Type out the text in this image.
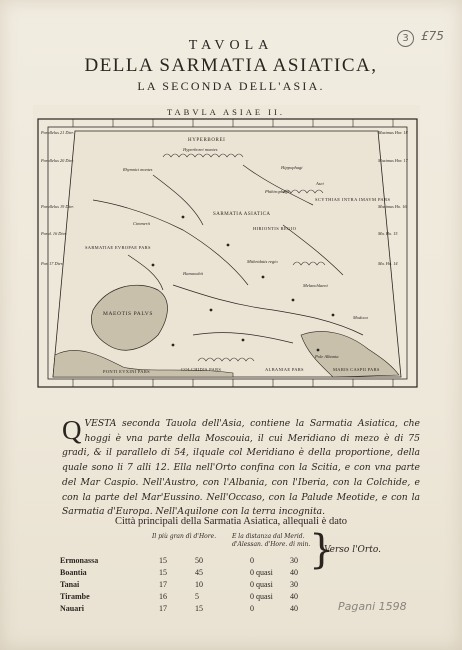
3	£75
TAVOLA
DELLA SARMATIA ASIATICA,
LA SECONDA DELL'ASIA.
TABVLA ASIAE II.
Parallelus 21 Dier.
Parallelus 20 Dier.
Parallelus 19 Dier.
Paral. 16 Dier.
Par. 17 Dier.
Maximus Hor. 18
Maximus Hor. 17
Maximus Ho. 16
Ma. Ho. 15
Ma. Ho. 14
HYPERBOREI
Hyperborei montes
Hippophagi
Rhymnici montes
Asei
SARMATIA ASIATICA
SCYTHIAE INTRA IMAVM PARS
Phthirophagi
HIRIONTIS REGIO
SARMATIAE EVROPAE PARS
Mithridatis regio
Melanchlaeni
MAEOTIS PALVS
PONTI EVXINI PARS	COLCHIDIS PARS	ALBANIAE PARS	MARIS CASPII PARS
Cimmerii
Hamaxobii
Modoca
Pole Albania
QVESTA seconda Tauola dell'Asia, contiene la Sarmatia Asiatica, che hoggi è vna parte della Moscouia, il cui Meridiano di mezo è di 75 gradi, & il parallelo di 54, ilquale col Meridiano è della proportione, della quale sono li 7 alli 12. Ella nell'Orto confina con la Scitia, e con vna parte del Mar Caspio. Nell'Austro, con l'Albania, con l'Iberia, con la Colchide, e con la parte del Mar'Eussino. Nell'Occaso, con la Palude Meotide, e con la Sarmatia d'Europa. Nell'Aquilone con la terra incognita.
Città principali della Sarmatia Asiatica, allequali è dato
Il più gran dì d'Hore.	E la distanza dal Merid. d'Alessan. d'Hore. di min.
Ermonassa	15	50	0	30
Boantia	15	45	0 quasi 40
Tanai	17	10	0 quasi 30
Tirambe	16	5	0 quasi 40
Nauari	17	15	0	40
}
Verso l'Orto.
Pagani 1598
